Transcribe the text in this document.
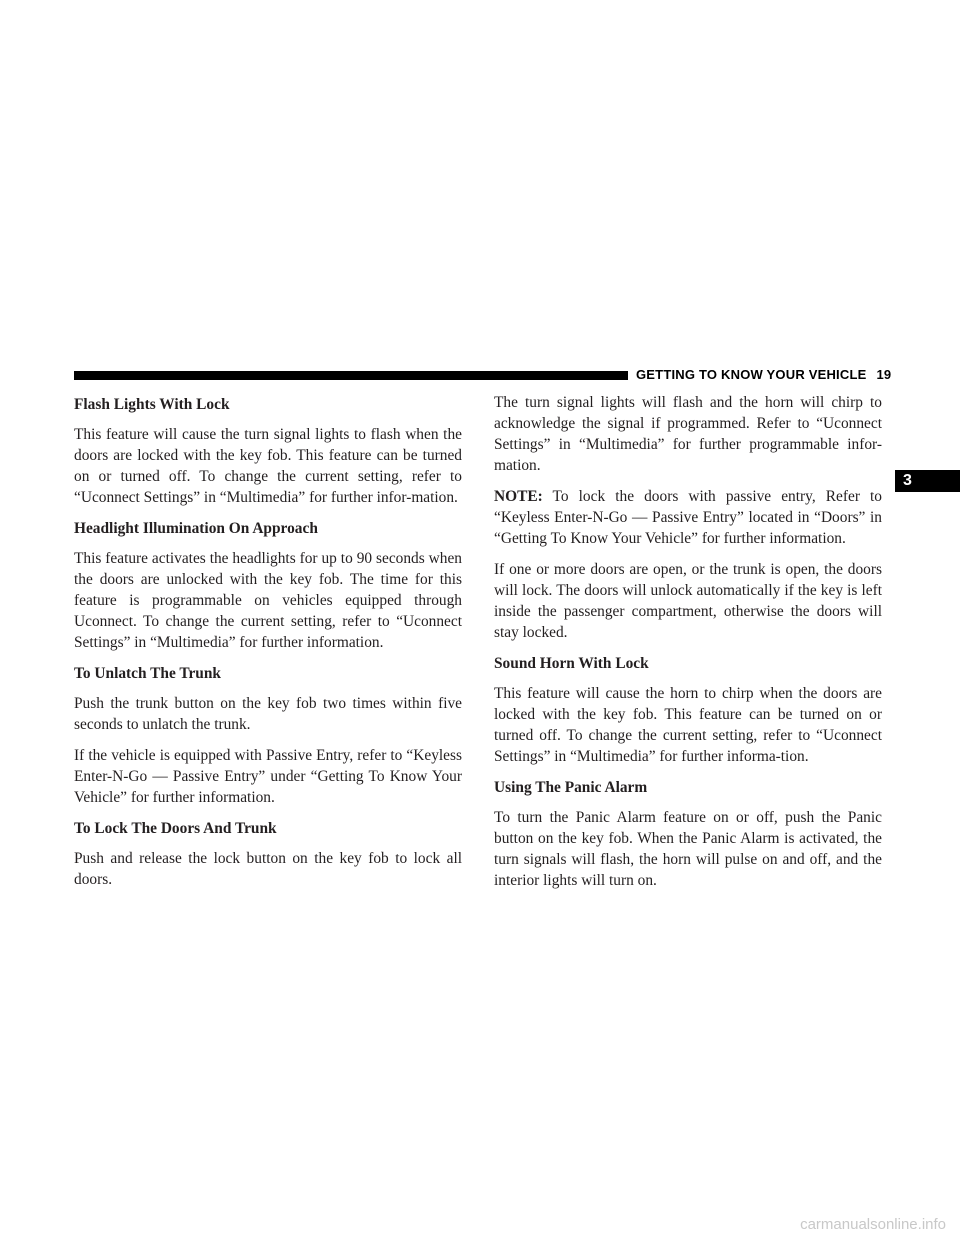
GETTING TO KNOW YOUR VEHICLE 19
3
Flash Lights With Lock

This feature will cause the turn signal lights to flash when the doors are locked with the key fob. This feature can be turned on or turned off. To change the current setting, refer to “Uconnect Settings” in “Multimedia” for further infor-mation.

Headlight Illumination On Approach

This feature activates the headlights for up to 90 seconds when the doors are unlocked with the key fob. The time for this feature is programmable on vehicles equipped through Uconnect. To change the current setting, refer to “Uconnect Settings” in “Multimedia” for further information.

To Unlatch The Trunk

Push the trunk button on the key fob two times within five seconds to unlatch the trunk.

If the vehicle is equipped with Passive Entry, refer to “Keyless Enter-N-Go — Passive Entry” under “Getting To Know Your Vehicle” for further information.

To Lock The Doors And Trunk

Push and release the lock button on the key fob to lock all doors.

The turn signal lights will flash and the horn will chirp to acknowledge the signal if programmed. Refer to “Uconnect Settings” in “Multimedia” for further programmable infor-mation.

NOTE: To lock the doors with passive entry, Refer to “Keyless Enter-N-Go — Passive Entry” located in “Doors” in “Getting To Know Your Vehicle” for further information.

If one or more doors are open, or the trunk is open, the doors will lock. The doors will unlock automatically if the key is left inside the passenger compartment, otherwise the doors will stay locked.

Sound Horn With Lock

This feature will cause the horn to chirp when the doors are locked with the key fob. This feature can be turned on or turned off. To change the current setting, refer to “Uconnect Settings” in “Multimedia” for further informa-tion.

Using The Panic Alarm

To turn the Panic Alarm feature on or off, push the Panic button on the key fob. When the Panic Alarm is activated, the turn signals will flash, the horn will pulse on and off, and the interior lights will turn on.

carmanualsonline.info
